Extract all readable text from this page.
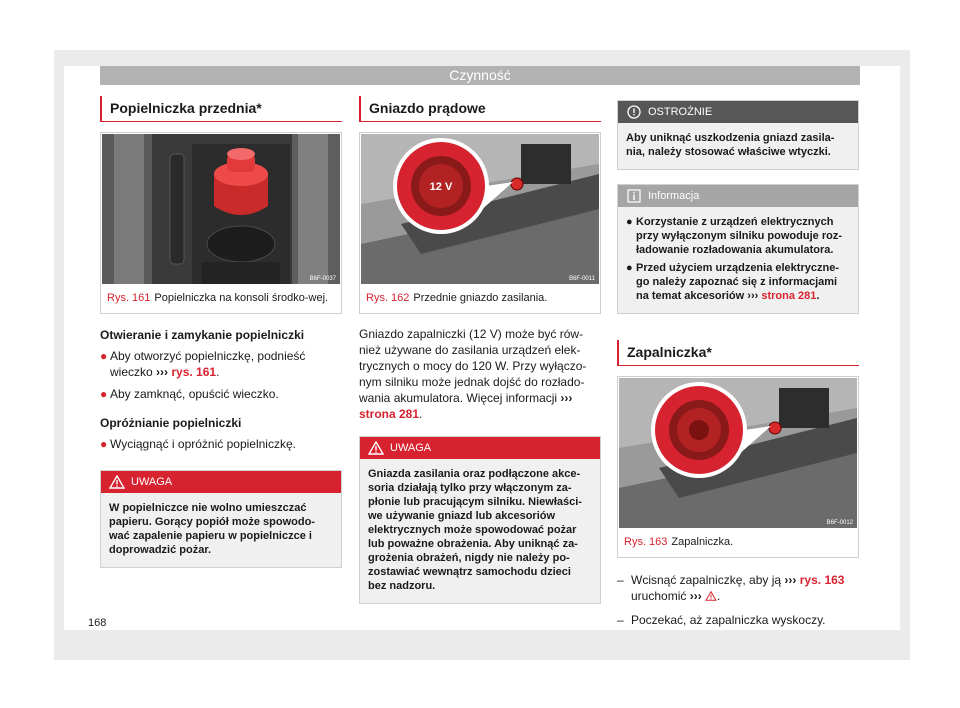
Czynność
Popielniczka przednia*
B6F-0037
Rys. 161 Popielniczka na konsoli środko-wej.
Otwieranie i zamykanie popielniczki
● Aby otworzyć popielniczkę, podnieść wieczko ››› rys. 161.
● Aby zamknąć, opuścić wieczko.
Opróżnianie popielniczki
● Wyciągnąć i opróżnić popielniczkę.
UWAGA
W popielniczce nie wolno umieszczać papieru. Gorący popiół może spowodo-wać zapalenie papieru w popielniczce i doprowadzić pożar.
Gniazdo prądowe
12 V
B6F-0011
Rys. 162 Przednie gniazdo zasilania.
Gniazdo zapalniczki (12 V) może być rów-nież używane do zasilania urządzeń elek-trycznych o mocy do 120 W. Przy wyłączo-nym silniku może jednak dojść do rozłado-wania akumulatora. Więcej informacji ››› strona 281.
UWAGA
Gniazda zasilania oraz podłączone akce-soria działają tylko przy włączonym za-płonie lub pracującym silniku. Niewłaści-we używanie gniazd lub akcesoriów elektrycznych może spowodować pożar lub poważne obrażenia. Aby uniknąć za-grożenia obrażeń, nigdy nie należy po-zostawiać wewnątrz samochodu dzieci bez nadzoru.
OSTROŻNIE
Aby uniknąć uszkodzenia gniazd zasila-nia, należy stosować właściwe wtyczki.
Informacja
● Korzystanie z urządzeń elektrycznych przy wyłączonym silniku powoduje roz-ładowanie rozładowania akumulatora.
● Przed użyciem urządzenia elektryczne-go należy zapoznać się z informacjami na temat akcesoriów ››› strona 281.
Zapalniczka*
B6F-0012
Rys. 163 Zapalniczka.
– Wcisnąć zapalniczkę, aby ją ››› rys. 163
uruchomić ››› .
– Poczekać, aż zapalniczka wyskoczy.
168
